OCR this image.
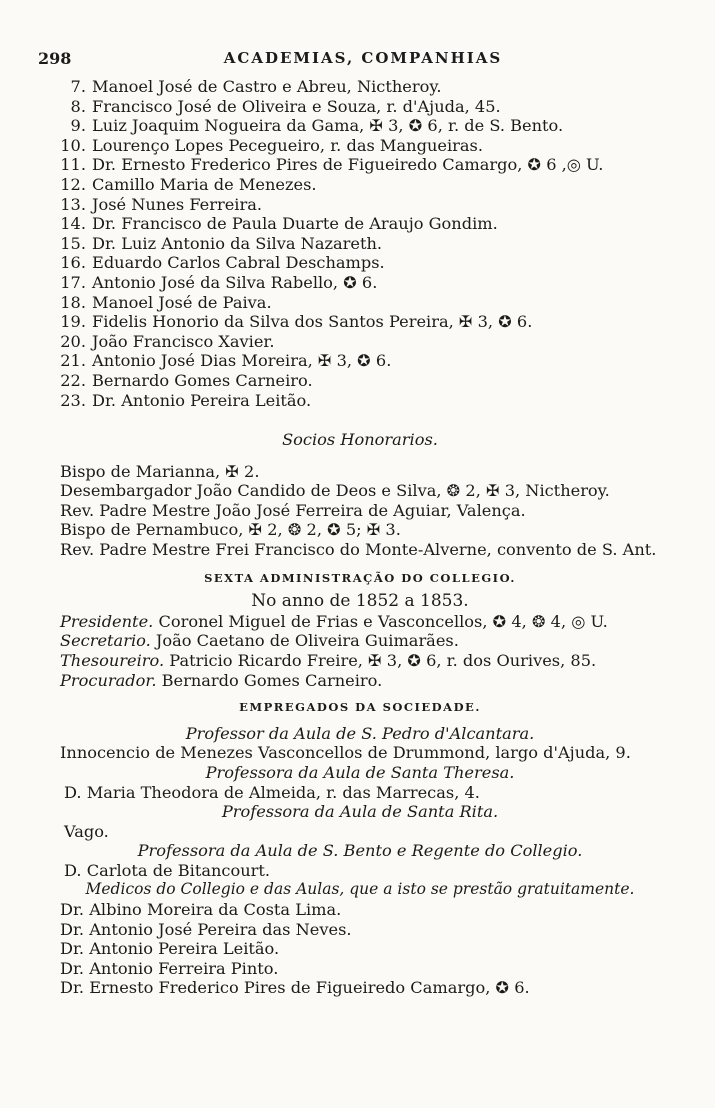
298	ACADEMIAS, COMPANHIAS
7. Manoel José de Castro e Abreu, Nictheroy.
8. Francisco José de Oliveira e Souza, r. d'Ajuda, 45.
9. Luiz Joaquim Nogueira da Gama, ✠ 3, ✪ 6, r. de S. Bento.
10. Lourenço Lopes Pecegueiro, r. das Mangueiras.
11. Dr. Ernesto Frederico Pires de Figueiredo Camargo, ✪ 6 ,◎ U.
12. Camillo Maria de Menezes.
13. José Nunes Ferreira.
14. Dr. Francisco de Paula Duarte de Araujo Gondim.
15. Dr. Luiz Antonio da Silva Nazareth.
16. Eduardo Carlos Cabral Deschamps.
17. Antonio José da Silva Rabello, ✪ 6.
18. Manoel José de Paiva.
19. Fidelis Honorio da Silva dos Santos Pereira, ✠ 3, ✪ 6.
20. João Francisco Xavier.
21. Antonio José Dias Moreira, ✠ 3, ✪ 6.
22. Bernardo Gomes Carneiro.
23. Dr. Antonio Pereira Leitão.
Socios Honorarios.
Bispo de Marianna, ✠ 2.
Desembargador João Candido de Deos e Silva, ❂ 2, ✠ 3, Nictheroy.
Rev. Padre Mestre João José Ferreira de Aguiar, Valença.
Bispo de Pernambuco, ✠ 2, ❂ 2, ✪ 5; ✠ 3.
Rev. Padre Mestre Frei Francisco do Monte-Alverne, convento de S. Ant.
SEXTA ADMINISTRAÇÃO DO COLLEGIO.
No anno de 1852 a 1853.
Presidente. Coronel Miguel de Frias e Vasconcellos, ✪ 4, ❂ 4, ◎ U.
Secretario. João Caetano de Oliveira Guimarães.
Thesoureiro. Patricio Ricardo Freire, ✠ 3, ✪ 6, r. dos Ourives, 85.
Procurador. Bernardo Gomes Carneiro.
EMPREGADOS DA SOCIEDADE.
Professor da Aula de S. Pedro d'Alcantara.
Innocencio de Menezes Vasconcellos de Drummond, largo d'Ajuda, 9.
Professora da Aula de Santa Theresa.
D. Maria Theodora de Almeida, r. das Marrecas, 4.
Professora da Aula de Santa Rita.
Vago.
Professora da Aula de S. Bento e Regente do Collegio.
D. Carlota de Bitancourt.
Medicos do Collegio e das Aulas, que a isto se prestão gratuitamente.
Dr. Albino Moreira da Costa Lima.
Dr. Antonio José Pereira das Neves.
Dr. Antonio Pereira Leitão.
Dr. Antonio Ferreira Pinto.
Dr. Ernesto Frederico Pires de Figueiredo Camargo, ✪ 6.
